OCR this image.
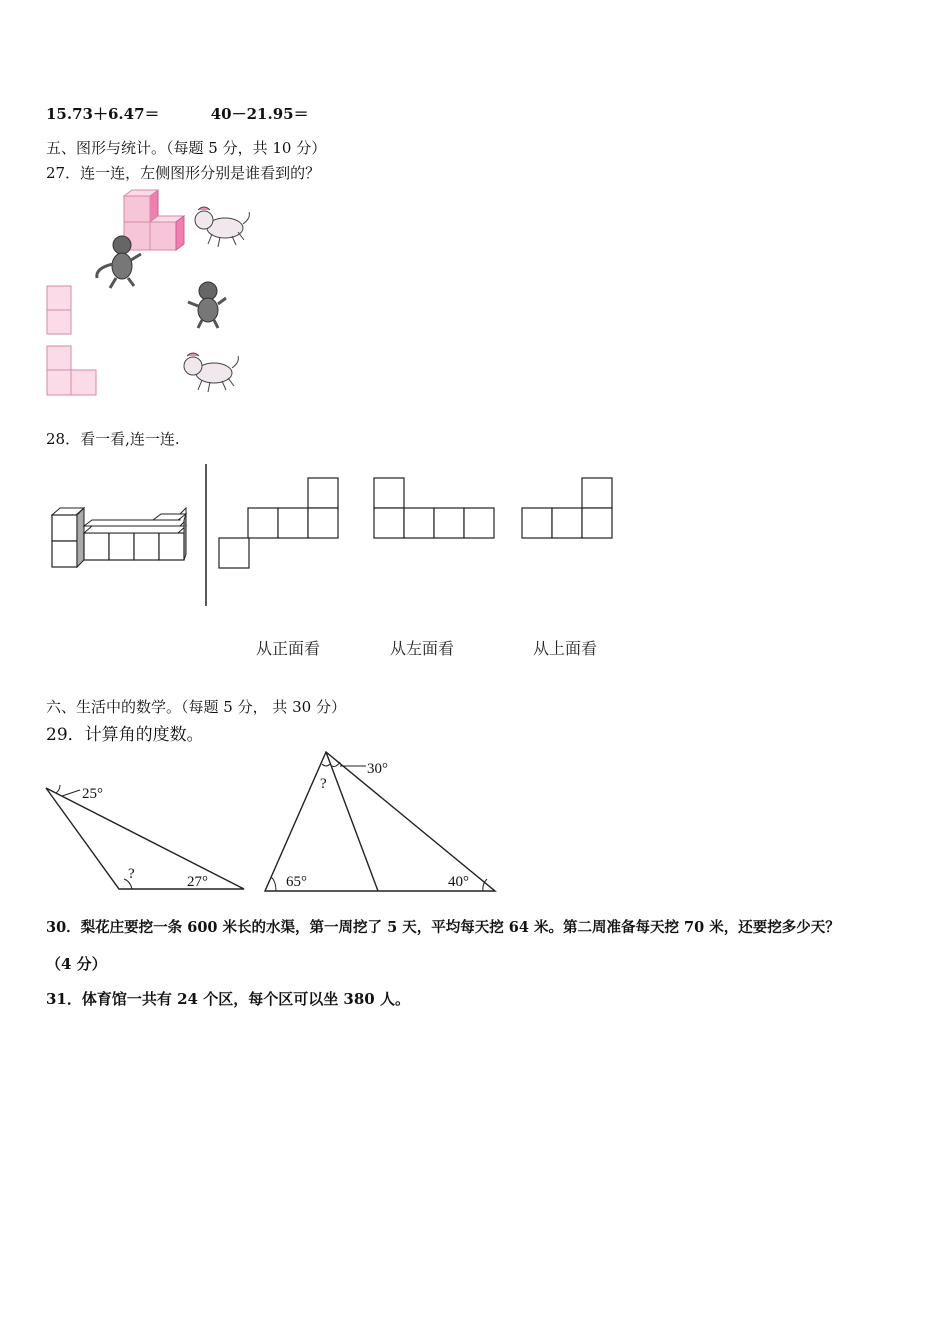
15.73＋6.47＝	40－21.95＝
五、图形与统计。（每题 5 分，共 10 分）
27．连一连，左侧图形分别是谁看到的？
28．看一看,连一连.
从正面看	从左面看	从上面看
六、生活中的数学。（每题 5 分， 共 30 分）
29．计算角的度数。
25°
?	27°
30°
?
65°	40°
30．梨花庄要挖一条 600 米长的水渠，第一周挖了 5 天，平均每天挖 64 米。第二周准备每天挖 70 米，还要挖多少天？
（4 分）
31．体育馆一共有 24 个区，每个区可以坐 380 人。
